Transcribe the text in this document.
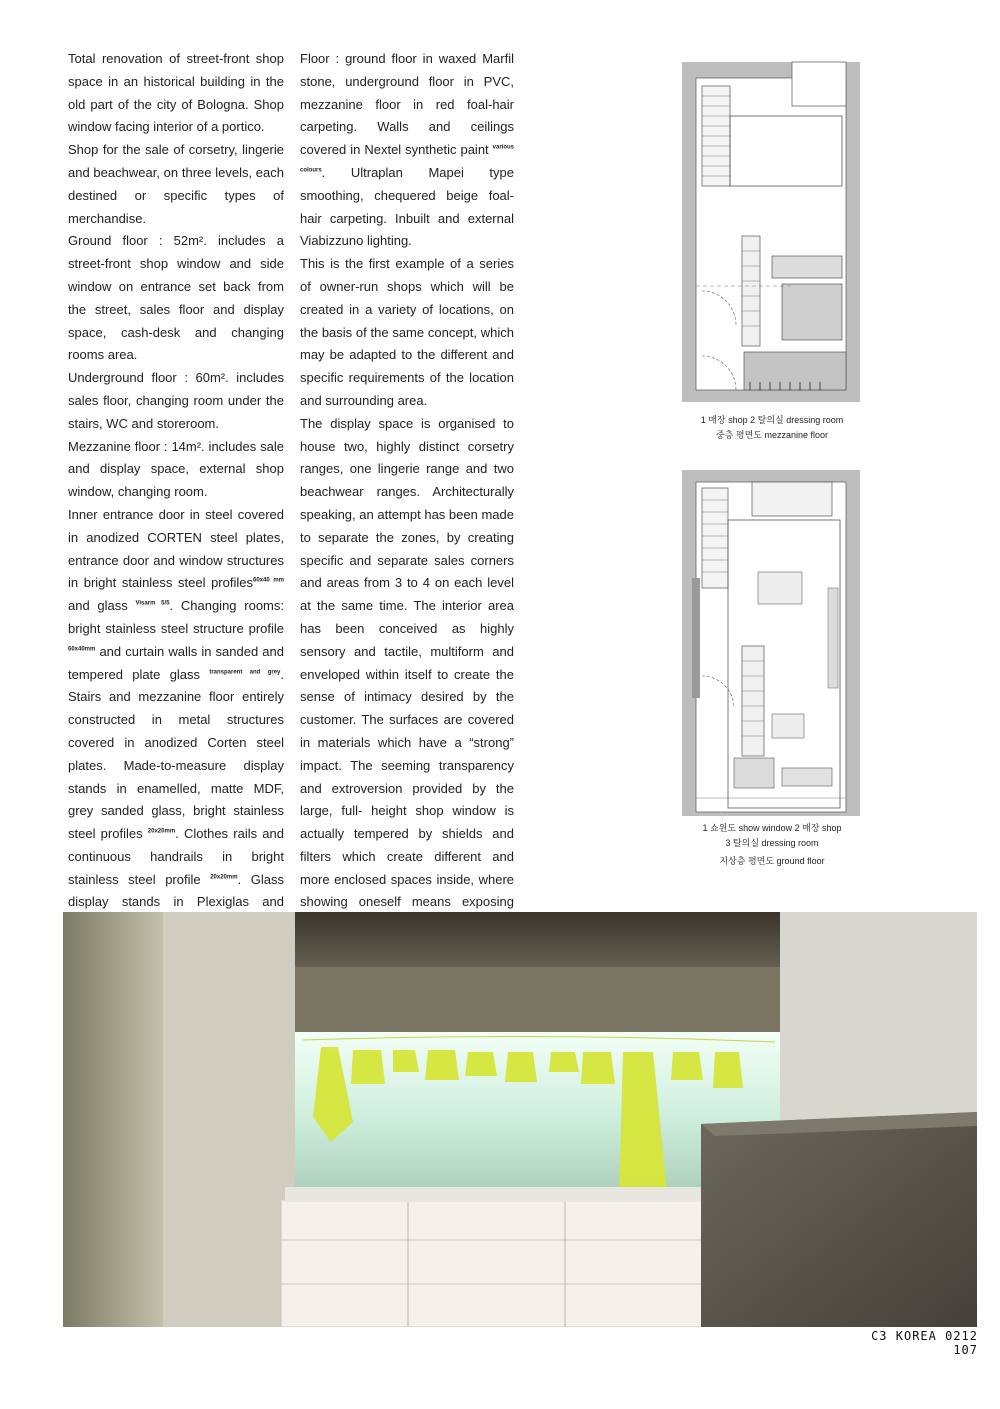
Total renovation of street-front shop space in an historical building in the old part of the city of Bologna. Shop window facing interior of a portico.

Shop for the sale of corsetry, lingerie and beachwear, on three levels, each destined or specific types of merchandise.

Ground floor : 52m². includes a street-front shop window and side window on entrance set back from the street, sales floor and display space, cash-desk and changing rooms area.

Underground floor : 60m². includes sales floor, changing room under the stairs, WC and storeroom.

Mezzanine floor : 14m². includes sale and display space, external shop window, changing room.

Inner entrance door in steel covered in anodized CORTEN steel plates, entrance door and window structures in bright stainless steel profiles$^{60x40 mm}$ and glass $^{Visarm 5/5}$. Changing rooms: bright stainless steel structure profile $^{60x40mm}$ and curtain walls in sanded and tempered plate glass $^{transparent and grey}$. Stairs and mezzanine floor entirely constructed in metal structures covered in anodized Corten steel plates. Made-to-measure display stands in enamelled, matte MDF, grey sanded glass, bright stainless steel profiles $^{20x20mm}$. Clothes rails and continuous handrails in bright stainless steel profile $^{20x20mm}$. Glass display stands in Plexiglas and

Floor : ground floor in waxed Marfil stone, underground floor in PVC, mezzanine floor in red foal-hair carpeting. Walls and ceilings covered in Nextel synthetic paint $^{various colours}$. Ultraplan Mapei type smoothing, chequered beige foal-hair carpeting. Inbuilt and external Viabizzuno lighting.

This is the first example of a series of owner-run shops which will be created in a variety of locations, on the basis of the same concept, which may be adapted to the different and specific requirements of the location and surrounding area.

The display space is organised to house two, highly distinct corsetry ranges, one lingerie range and two beachwear ranges. Architecturally speaking, an attempt has been made to separate the zones, by creating specific and separate sales corners and areas from 3 to 4 on each level at the same time. The interior area has been conceived as highly sensory and tactile, multiform and enveloped within itself to create the sense of intimacy desired by the customer. The surfaces are covered in materials which have a “strong” impact. The seeming transparency and extroversion provided by the large, full- height shop window is actually tempered by shields and filters which create different and more enclosed spaces inside, where showing oneself means exposing

1 매장 shop 2 탈의실 dressing room
중층 평면도 mezzanine floor
1 쇼윈도 show window 2 매장 shop
3 탈의실 dressing room
지상층 평면도 ground floor
C3 KOREA 0212 107
